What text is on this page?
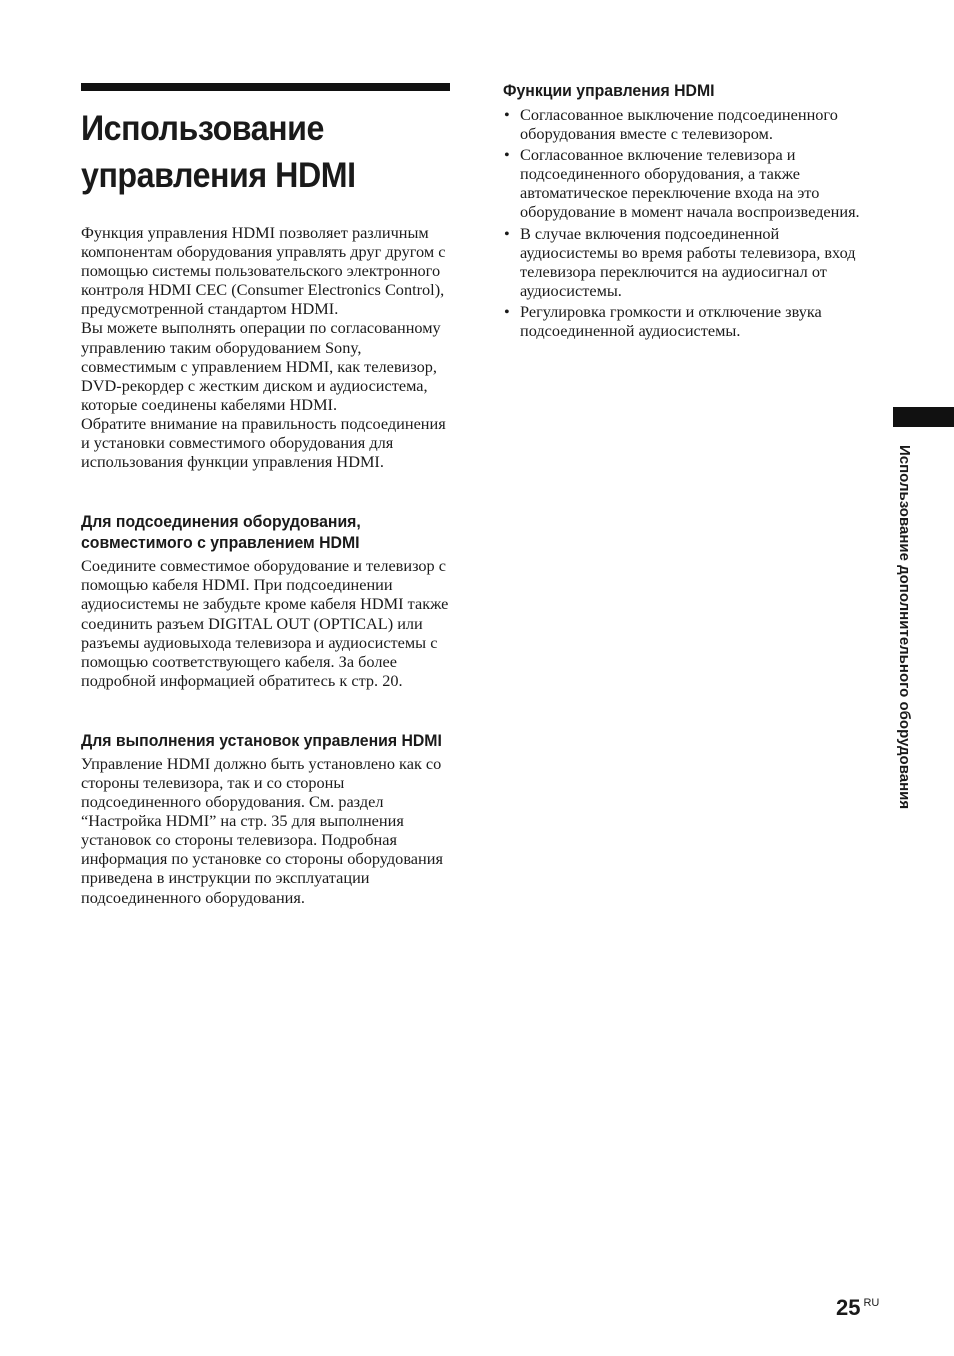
Использование управления HDMI

Функция управления HDMI позволяет различным компонентам оборудования управлять друг другом с помощью системы пользовательского электронного контроля HDMI CEC (Consumer Electronics Control), предусмотренной стандартом HDMI.

Вы можете выполнять операции по согласованному управлению таким оборудованием Sony, совместимым с управлением HDMI, как телевизор, DVD-рекордер с жестким диском и аудиосистема, которые соединены кабелями HDMI.

Обратите внимание на правильность подсоединения и установки совместимого оборудования для использования функции управления HDMI.

Для подсоединения оборудования, совместимого с управлением HDMI

Соедините совместимое оборудование и телевизор с помощью кабеля HDMI. При подсоединении аудиосистемы не забудьте кроме кабеля HDMI также соединить разъем DIGITAL OUT (OPTICAL) или разъемы аудиовыхода телевизора и аудиосистемы с помощью соответствующего кабеля. За более подробной информацией обратитесь к стр. 20.

Для выполнения установок управления HDMI

Управление HDMI должно быть установлено как со стороны телевизора, так и со стороны подсоединенного оборудования. См. раздел “Настройка HDMI” на стр. 35 для выполнения установок со стороны телевизора. Подробная информация по установке со стороны оборудования приведена в инструкции по эксплуатации подсоединенного оборудования.

Функции управления HDMI
• Согласованное выключение подсоединенного оборудования вместе с телевизором.
• Согласованное включение телевизора и подсоединенного оборудования, а также автоматическое переключение входа на это оборудование в момент начала воспроизведения.
• В случае включения подсоединенной аудиосистемы во время работы телевизора, вход телевизора переключится на аудиосигнал от аудиосистемы.
• Регулировка громкости и отключение звука подсоединенной аудиосистемы.
Использование дополнительного оборудования
25 $^{RU}$
